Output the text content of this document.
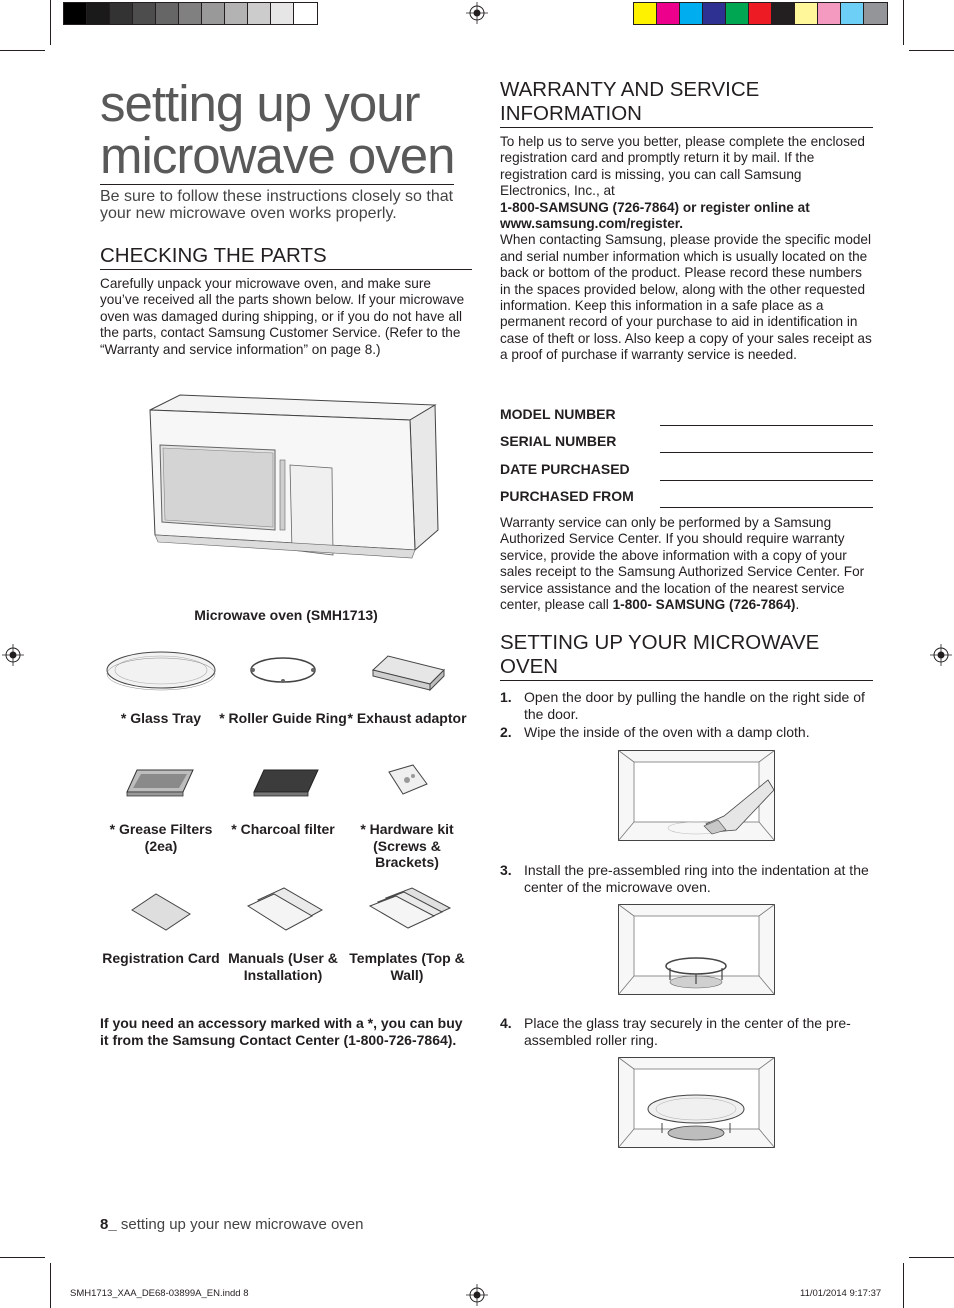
setting up your
microwave oven
Be sure to follow these instructions closely so that your new microwave oven works properly.
CHECKING THE PARTS
Carefully unpack your microwave oven, and make sure you’ve received all the parts shown below. If your microwave oven was damaged during shipping, or if you do not have all the parts, contact Samsung Customer Service. (Refer to the “Warranty and service information” on page 8.)
Microwave oven (SMH1713)
* Glass Tray	* Roller Guide Ring * Exhaust adaptor
* Grease Filters (2ea)
* Charcoal filter	* Hardware kit (Screws & Brackets)
Registration Card Manuals (User & Installation)
Templates (Top & Wall)
If you need an accessory marked with a *, you can buy it from the Samsung Contact Center (1-800-726-7864).
WARRANTY AND SERVICE INFORMATION
To help us to serve you better, please complete the enclosed registration card and promptly return it by mail. If the registration card is missing, you can call Samsung Electronics, Inc., at
1-800-SAMSUNG (726-7864) or register online at www.samsung.com/register.
When contacting Samsung, please provide the specific model and serial number information which is usually located on the back or bottom of the product. Please record these numbers in the spaces provided below, along with the other requested information. Keep this information in a safe place as a permanent record of your purchase to aid in identification in case of theft or loss. Also keep a copy of your sales receipt as a proof of purchase if warranty service is needed.
MODEL NUMBER
SERIAL NUMBER
DATE PURCHASED
PURCHASED FROM
Warranty service can only be performed by a Samsung Authorized Service Center. If you should require warranty service, provide the above information with a copy of your sales receipt to the Samsung Authorized Service Center. For service assistance and the location of the nearest service center, please call 1-800- SAMSUNG (726-7864).
SETTING UP YOUR MICROWAVE OVEN
1. Open the door by pulling the handle on the right side of the door.
2. Wipe the inside of the oven with a damp cloth.
3. Install the pre-assembled ring into the indentation at the center of the microwave oven.
4. Place the glass tray securely in the center of the pre-assembled roller ring.
8_ setting up your new microwave oven
SMH1713_XAA_DE68-03899A_EN.indd 8	11/01/2014 9:17:37
